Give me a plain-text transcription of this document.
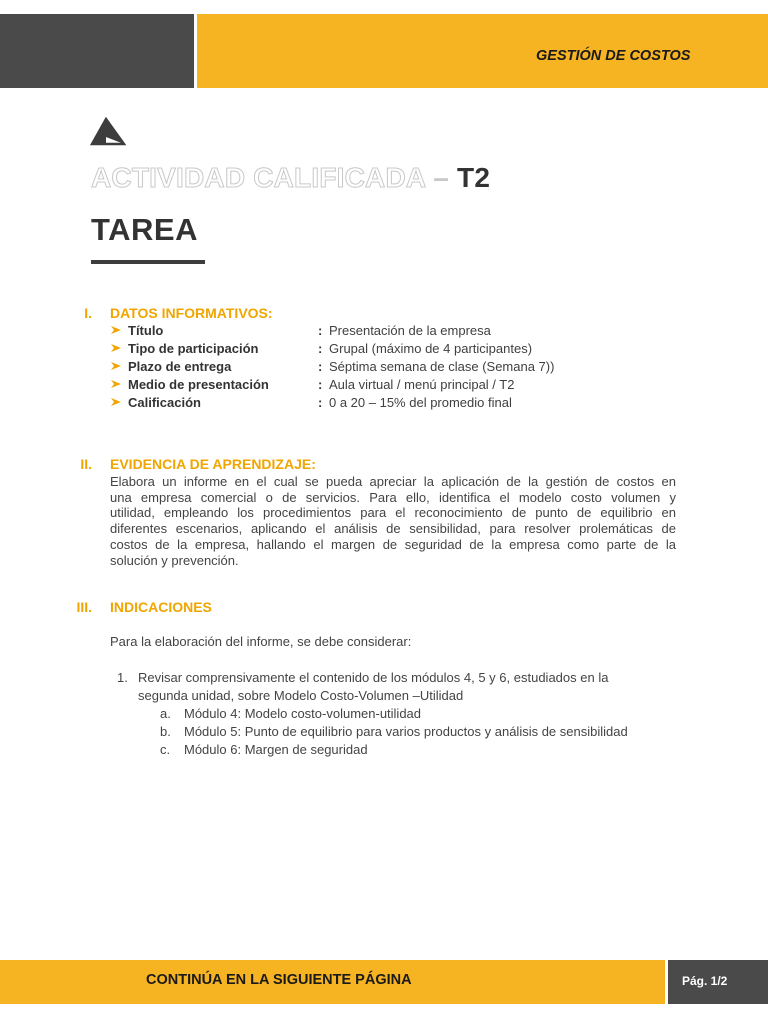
GESTIÓN DE COSTOS
ACTIVIDAD CALIFICADA – T2
TAREA
I. DATOS INFORMATIVOS:
Título	: Presentación de la empresa
Tipo de participación	: Grupal (máximo de 4 participantes)
Plazo de entrega	: Séptima semana de clase (Semana 7))
Medio de presentación	: Aula virtual / menú principal / T2
Calificación	: 0 a 20 – 15% del promedio final
II. EVIDENCIA DE APRENDIZAJE:
Elabora un informe en el cual se pueda apreciar la aplicación de la gestión de costos en
una empresa comercial o de servicios. Para ello, identifica el modelo costo volumen y
utilidad, empleando los procedimientos para el reconocimiento de punto de equilibrio en
diferentes escenarios, aplicando el análisis de sensibilidad, para resolver prolemáticas de
costos de la empresa, hallando el margen de seguridad de la empresa como parte de la
solución y prevención.
III. INDICACIONES
Para la elaboración del informe, se debe considerar:
1. Revisar comprensivamente el contenido de los módulos 4, 5 y 6, estudiados en la
segunda unidad, sobre Modelo Costo-Volumen –Utilidad
a. Módulo 4: Modelo costo-volumen-utilidad
b. Módulo 5: Punto de equilibrio para varios productos y análisis de sensibilidad
c. Módulo 6: Margen de seguridad
CONTINÚA EN LA SIGUIENTE PÁGINA	Pág. 1/2
